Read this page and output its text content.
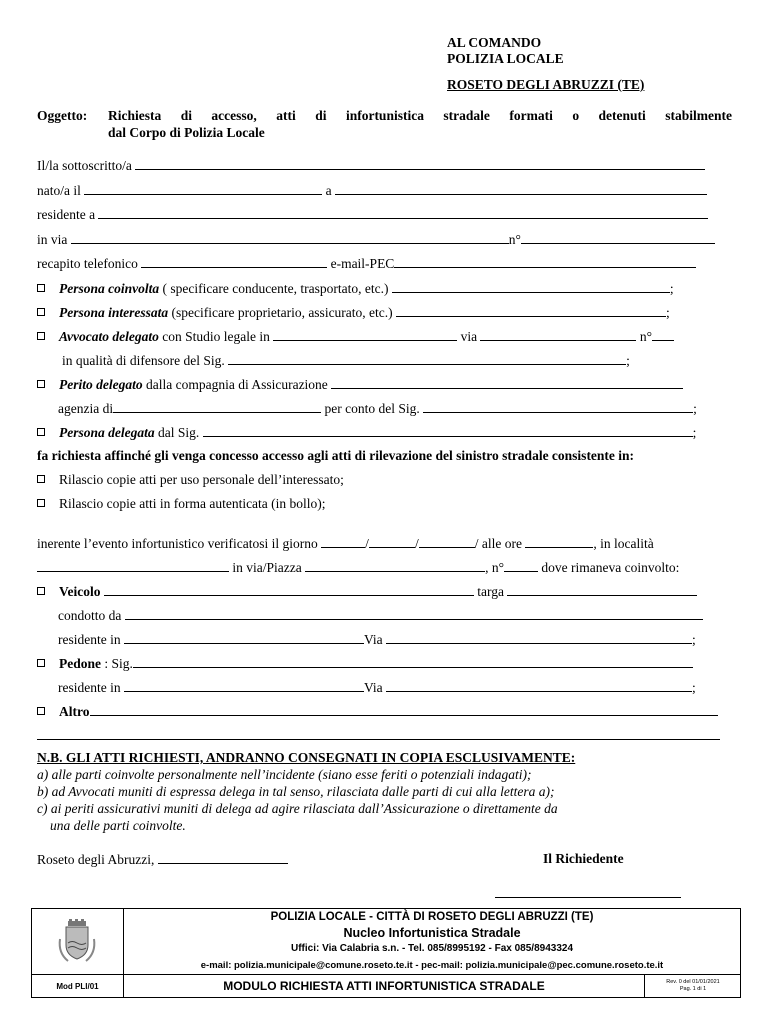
AL COMANDO
POLIZIA LOCALE
ROSETO DEGLI ABRUZZI (TE)
Oggetto: Richiesta di accesso, atti di infortunistica stradale formati o detenuti stabilmente
dal Corpo di Polizia Locale
Il/la sottoscritto/a
nato/a il	a
residente a
in via	n°
recapito telefonico	e-mail-PEC
Persona coinvolta ( specificare conducente, trasportato, etc.)	;
Persona interessata (specificare proprietario, assicurato, etc.)	;
Avvocato delegato con Studio legale in	via	n°
in qualità di difensore del Sig.	;
Perito delegato dalla compagnia di Assicurazione
agenzia di	per conto del Sig.	;
Persona delegata dal Sig.	;
fa richiesta affinché gli venga concesso accesso agli atti di rilevazione del sinistro stradale consistente in:
Rilascio copie atti per uso personale dell’interessato;
Rilascio copie atti in forma autenticata (in bollo);
inerente l’evento infortunistico verificatosi il giorno	/	/	/ alle ore	, in località
in via/Piazza	, n°	dove rimaneva coinvolto:
Veicolo	targa
condotto da
residente in	Via	;
Pedone : Sig.
residente in	Via	;
Altro
N.B. GLI ATTI RICHIESTI, ANDRANNO CONSEGNATI IN COPIA ESCLUSIVAMENTE:
a) alle parti coinvolte personalmente nell’incidente (siano esse feriti o potenziali indagati);
b) ad Avvocati muniti di espressa delega in tal senso, rilasciata dalle parti di cui alla lettera a);
c) ai periti assicurativi muniti di delega ad agire rilasciata dall’Assicurazione o direttamente da
una delle parti coinvolte.
Roseto degli Abruzzi,	Il Richiedente
POLIZIA LOCALE - CITTÀ DI ROSETO DEGLI ABRUZZI (TE)
Nucleo Infortunistica Stradale
Uffici: Via Calabria s.n. - Tel. 085/8995192 - Fax 085/8943324
e-mail: polizia.municipale@comune.roseto.te.it - pec-mail: polizia.municipale@pec.comune.roseto.te.it
Mod PLI/01	MODULO RICHIESTA ATTI INFORTUNISTICA STRADALE	Rev. 0 del 01/01/2021
Pag. 1 di 1
